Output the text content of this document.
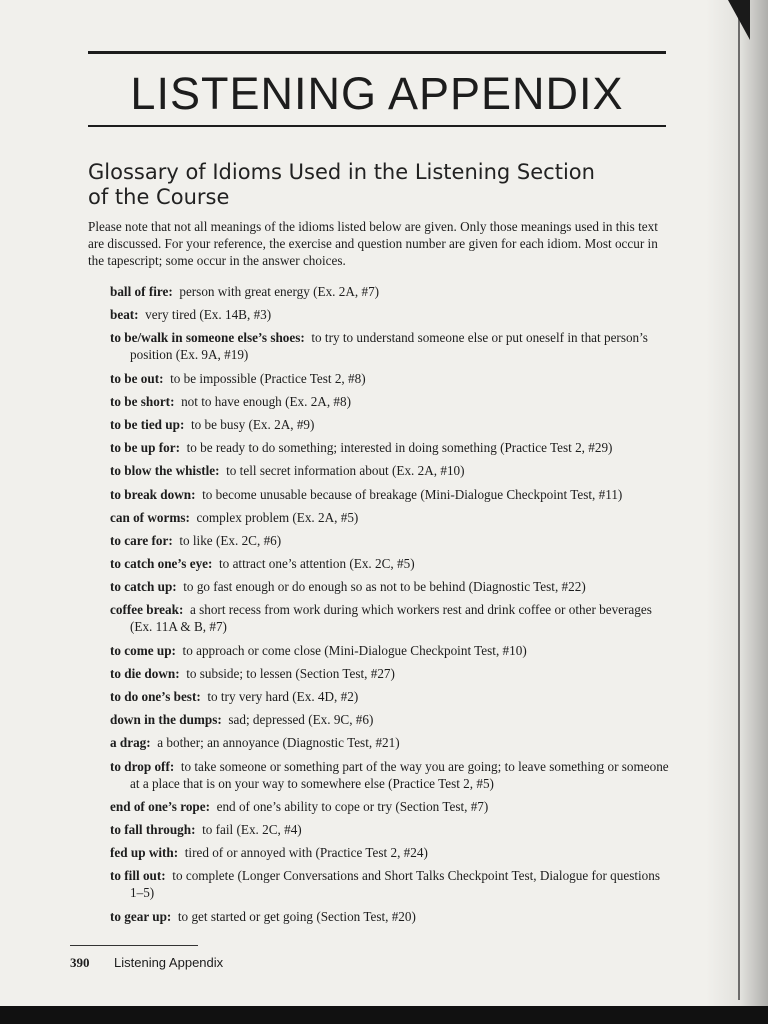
LISTENING APPENDIX
Glossary of Idioms Used in the Listening Section of the Course

Please note that not all meanings of the idioms listed below are given. Only those meanings used in this text are discussed. For your reference, the exercise and question number are given for each idiom. Most occur in the tapescript; some occur in the answer choices.

ball of fire: person with great energy (Ex. 2A, #7)

beat: very tired (Ex. 14B, #3)

to be/walk in someone else’s shoes: to try to understand someone else or put oneself in that person’s position (Ex. 9A, #19)

to be out: to be impossible (Practice Test 2, #8)

to be short: not to have enough (Ex. 2A, #8)

to be tied up: to be busy (Ex. 2A, #9)

to be up for: to be ready to do something; interested in doing something (Practice Test 2, #29)

to blow the whistle: to tell secret information about (Ex. 2A, #10)

to break down: to become unusable because of breakage (Mini-Dialogue Checkpoint Test, #11)

can of worms: complex problem (Ex. 2A, #5)

to care for: to like (Ex. 2C, #6)

to catch one’s eye: to attract one’s attention (Ex. 2C, #5)

to catch up: to go fast enough or do enough so as not to be behind (Diagnostic Test, #22)

coffee break: a short recess from work during which workers rest and drink coffee or other beverages (Ex. 11A & B, #7)

to come up: to approach or come close (Mini-Dialogue Checkpoint Test, #10)

to die down: to subside; to lessen (Section Test, #27)

to do one’s best: to try very hard (Ex. 4D, #2)

down in the dumps: sad; depressed (Ex. 9C, #6)

a drag: a bother; an annoyance (Diagnostic Test, #21)

to drop off: to take someone or something part of the way you are going; to leave something or someone at a place that is on your way to somewhere else (Practice Test 2, #5)

end of one’s rope: end of one’s ability to cope or try (Section Test, #7)

to fall through: to fail (Ex. 2C, #4)

fed up with: tired of or annoyed with (Practice Test 2, #24)

to fill out: to complete (Longer Conversations and Short Talks Checkpoint Test, Dialogue for questions 1–5)

to gear up: to get started or get going (Section Test, #20)

390 Listening Appendix
